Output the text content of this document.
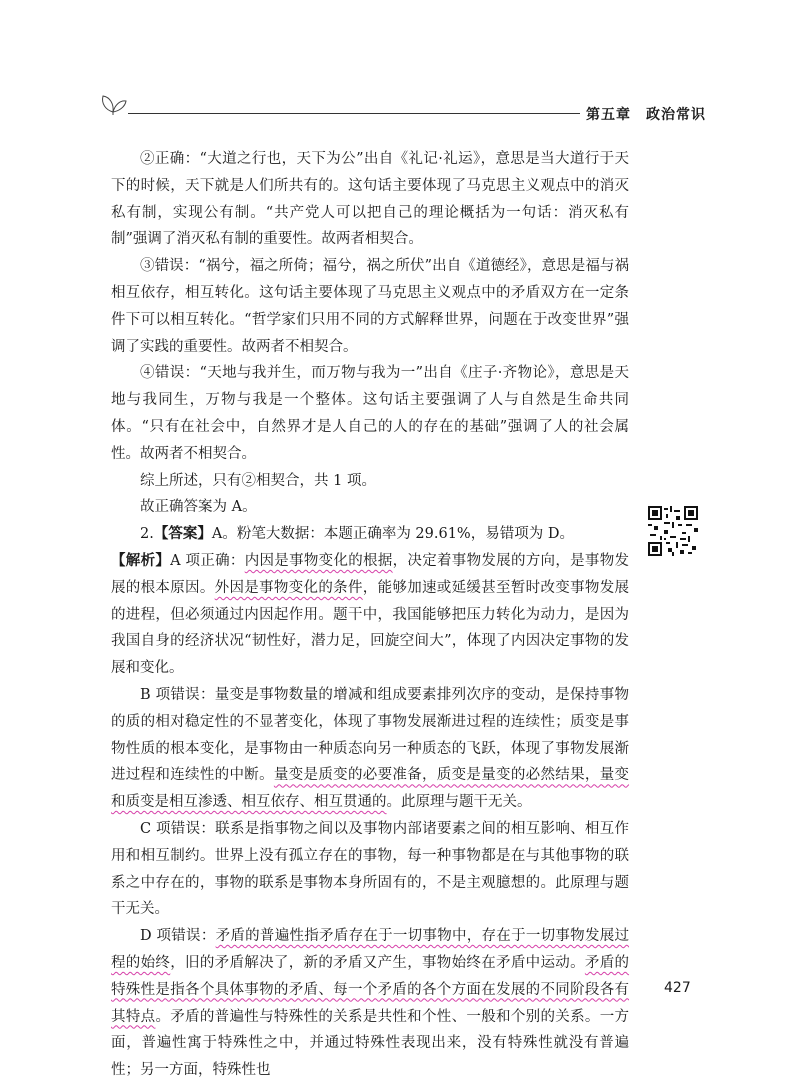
第五章　政治常识

②正确：“大道之行也，天下为公”出自《礼记·礼运》，意思是当大道行于天下的时候，天下就是人们所共有的。这句话主要体现了马克思主义观点中的消灭私有制，实现公有制。“共产党人可以把自己的理论概括为一句话：消灭私有制”强调了消灭私有制的重要性。故两者相契合。

③错误：“祸兮，福之所倚；福兮，祸之所伏”出自《道德经》，意思是福与祸相互依存，相互转化。这句话主要体现了马克思主义观点中的矛盾双方在一定条件下可以相互转化。“哲学家们只用不同的方式解释世界，问题在于改变世界”强调了实践的重要性。故两者不相契合。

④错误：“天地与我并生，而万物与我为一”出自《庄子·齐物论》，意思是天地与我同生，万物与我是一个整体。这句话主要强调了人与自然是生命共同体。“只有在社会中，自然界才是人自己的人的存在的基础”强调了人的社会属性。故两者不相契合。

综上所述，只有②相契合，共 1 项。

故正确答案为 A。

2.【答案】A。粉笔大数据：本题正确率为 29.61%，易错项为 D。

【解析】A 项正确：内因是事物变化的根据，决定着事物发展的方向，是事物发展的根本原因。外因是事物变化的条件，能够加速或延缓甚至暂时改变事物发展的进程，但必须通过内因起作用。题干中，我国能够把压力转化为动力，是因为我国自身的经济状况“韧性好，潜力足，回旋空间大”，体现了内因决定事物的发展和变化。

B 项错误：量变是事物数量的增减和组成要素排列次序的变动，是保持事物的质的相对稳定性的不显著变化，体现了事物发展渐进过程的连续性；质变是事物性质的根本变化，是事物由一种质态向另一种质态的飞跃，体现了事物发展渐进过程和连续性的中断。量变是质变的必要准备，质变是量变的必然结果，量变和质变是相互渗透、相互依存、相互贯通的。此原理与题干无关。

C 项错误：联系是指事物之间以及事物内部诸要素之间的相互影响、相互作用和相互制约。世界上没有孤立存在的事物，每一种事物都是在与其他事物的联系之中存在的，事物的联系是事物本身所固有的，不是主观臆想的。此原理与题干无关。

D 项错误：矛盾的普遍性指矛盾存在于一切事物中，存在于一切事物发展过程的始终，旧的矛盾解决了，新的矛盾又产生，事物始终在矛盾中运动。矛盾的特殊性是指各个具体事物的矛盾、每一个矛盾的各个方面在发展的不同阶段各有其特点。矛盾的普遍性与特殊性的关系是共性和个性、一般和个别的关系。一方面，普遍性寓于特殊性之中，并通过特殊性表现出来，没有特殊性就没有普遍性；另一方面，特殊性也

427
